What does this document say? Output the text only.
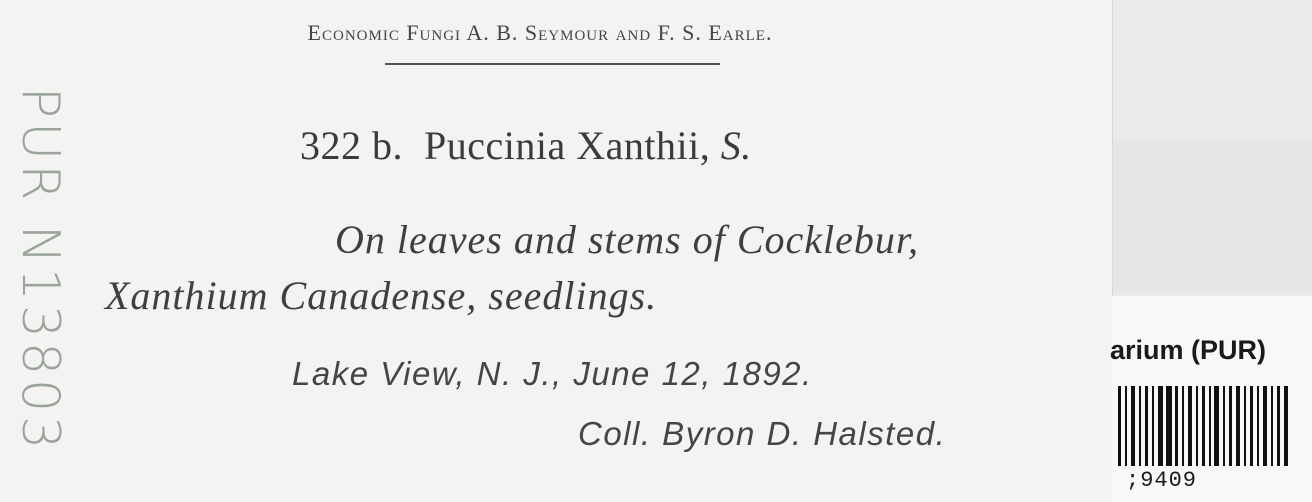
Economic Fungi A. B. Seymour and F. S. Earle.
322 b. Puccinia Xanthii, S.
On leaves and stems of Cocklebur,
Xanthium Canadense, seedlings.
Lake View, N. J., June 12, 1892.
Coll. Byron D. Halsted.
PUR N13803	arium (PUR)
;9409
